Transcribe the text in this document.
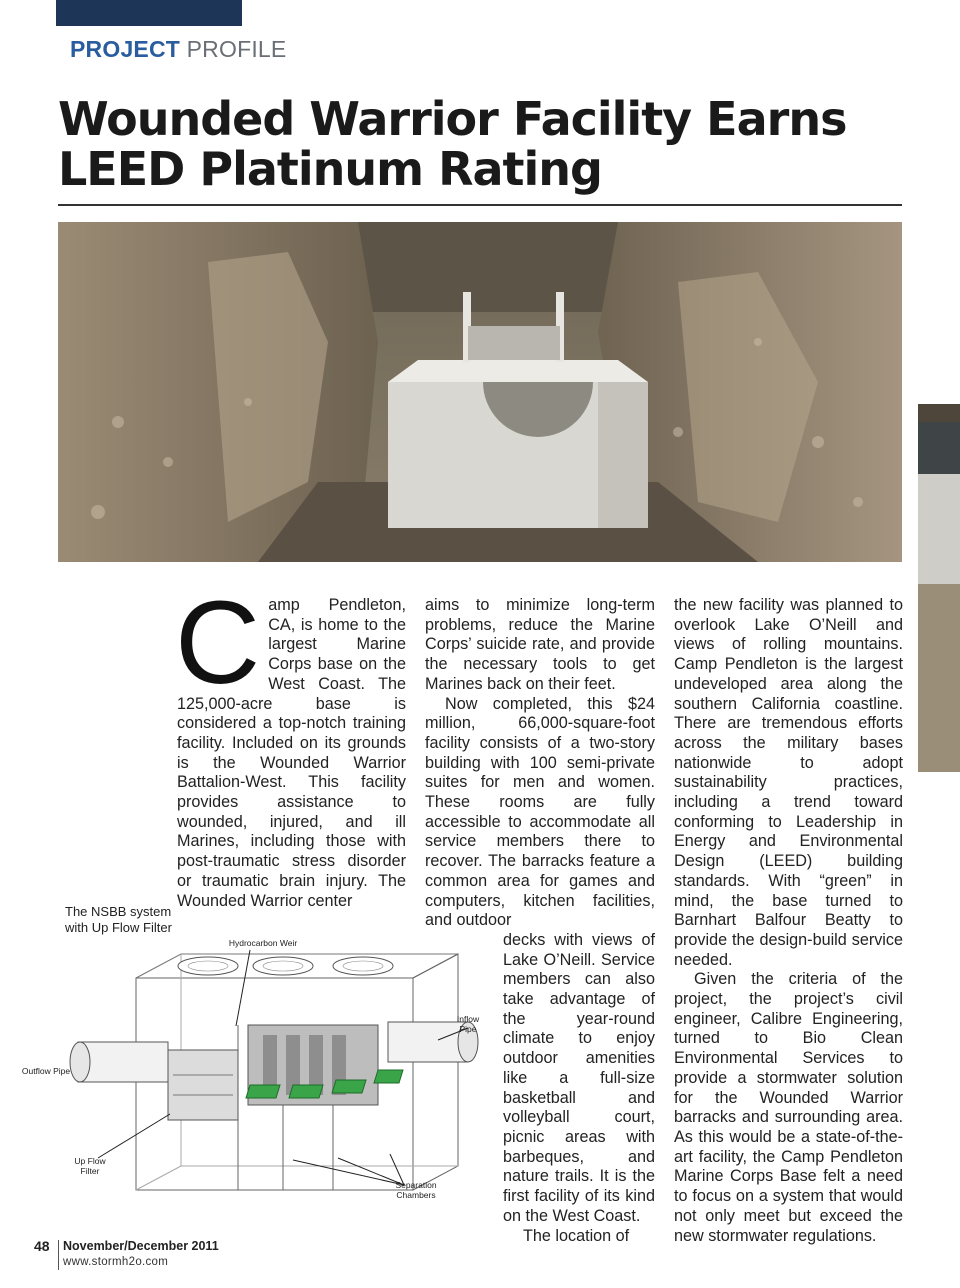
PROJECT PROFILE
Wounded Warrior Facility Earns LEED Platinum Rating
C amp Pendleton, CA, is home to the largest Marine Corps base on the West Coast. The 125,000-acre base is considered a top-notch training facility. Included on its grounds is the Wounded Warrior Battalion-West. This facility provides assistance to wounded, injured, and ill Marines, including those with post-traumatic stress disorder or traumatic brain injury. The Wounded Warrior center

aims to minimize long-term problems, reduce the Marine Corps’ suicide rate, and provide the necessary tools to get Marines back on their feet.

Now completed, this $24 million, 66,000-square-foot facility consists of a two-story building with 100 semi-private suites for men and women. These rooms are fully accessible to accommodate all service members there to recover. The barracks feature a common area for games and computers, kitchen facilities, and outdoor

decks with views of Lake O’Neill. Service members can also take advantage of the year-round climate to enjoy outdoor amenities like a full-size basketball and volleyball court, picnic areas with barbeques, and nature trails. It is the first facility of its kind on the West Coast.

The location of

the new facility was planned to overlook Lake O’Neill and views of rolling mountains. Camp Pendleton is the largest undeveloped area along the southern California coastline. There are tremendous efforts across the military bases nationwide to adopt sustainability practices, including a trend toward conforming to Leadership in Energy and Environmental Design (LEED) building standards. With “green” in mind, the base turned to Barnhart Balfour Beatty to provide the design-build service needed.

Given the criteria of the project, the project’s civil engineer, Calibre Engineering, turned to Bio Clean Environmental Services to provide a stormwater solution for the Wounded Warrior barracks and surrounding area. As this would be a state-of-the-art facility, the Camp Pendleton Marine Corps Base felt a need to focus on a system that would not only meet but exceed the new stormwater regulations.

The NSBB system with Up Flow Filter
Hydrocarbon Weir
Inflow Pipe
Outflow Pipe
Up Flow Filter
Separation Chambers
48 November/December 2011
www.stormh2o.com
